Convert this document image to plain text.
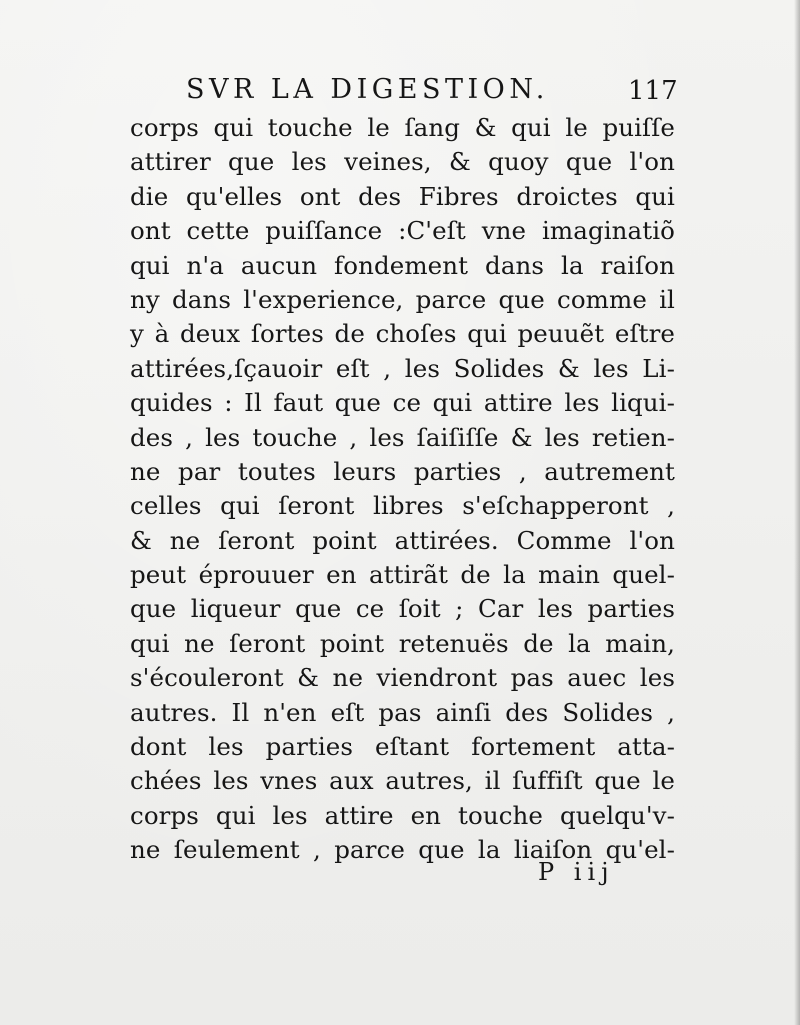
SVR LA DIGESTION.	117
corps qui touche le ſang & qui le puiſſe
attirer que les veines, & quoy que l'on
die qu'elles ont des Fibres droictes qui
ont cette puiſſance :C'eſt vne imaginatiõ
qui n'a aucun fondement dans la raiſon
ny dans l'experience, parce que comme il
y à deux ſortes de choſes qui peuuẽt eſtre
attirées,ſçauoir eſt , les Solides & les Li-
quides : Il faut que ce qui attire les liqui-
des , les touche , les ſaiſiſſe & les retien-
ne par toutes leurs parties , autrement
celles qui ſeront libres s'eſchapperont ,
& ne ſeront point attirées. Comme l'on
peut éprouuer en attirãt de la main quel-
que liqueur que ce ſoit ; Car les parties
qui ne ſeront point retenuës de la main,
s'écouleront & ne viendront pas auec les
autres. Il n'en eſt pas ainſi des Solides ,
dont les parties eſtant fortement atta-
chées les vnes aux autres, il ſuffiſt que le
corps qui les attire en touche quelqu'v-
ne ſeulement , parce que la liaiſon qu'el-
P iij
